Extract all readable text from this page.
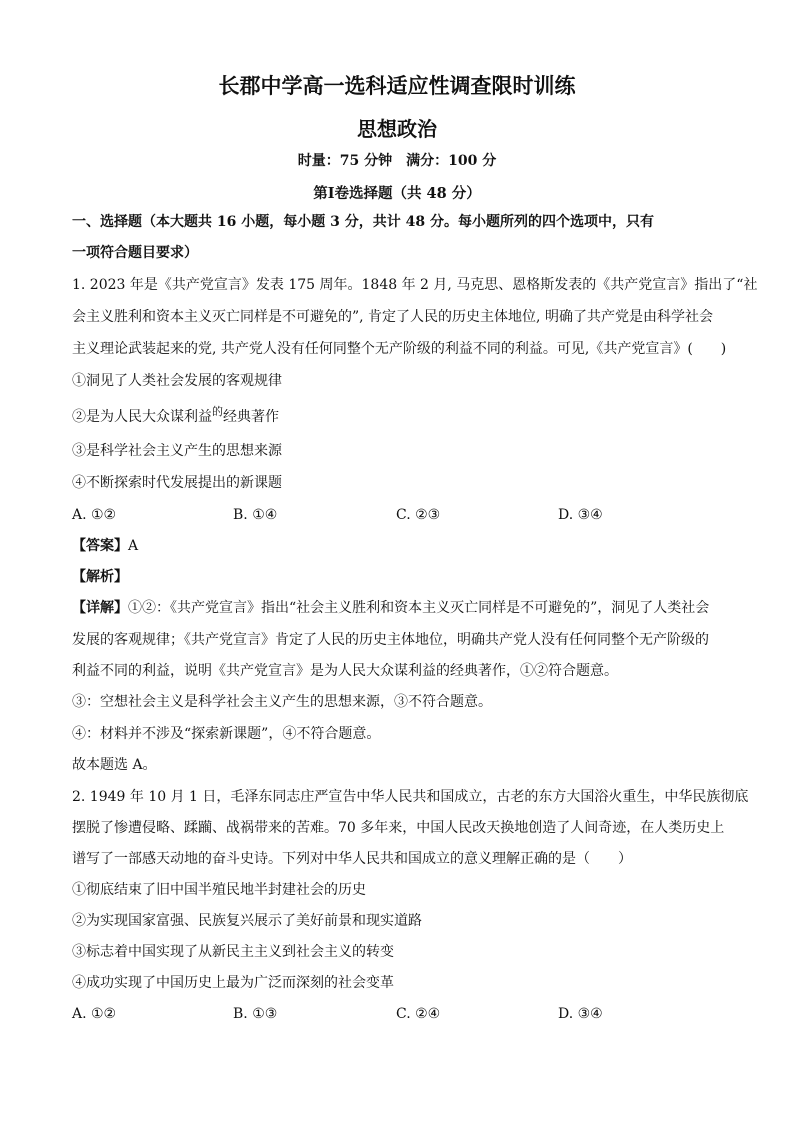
长郡中学高一选科适应性调查限时训练
思想政治
时量：75 分钟　满分：100 分
第Ⅰ卷选择题（共 48 分）
一、选择题（本大题共 16 小题，每小题 3 分，共计 48 分。每小题所列的四个选项中，只有
一项符合题目要求）
1. 2023 年是《共产党宣言》发表 175 周年。1848 年 2 月, 马克思、恩格斯发表的《共产党宣言》指出了“社
会主义胜利和资本主义灭亡同样是不可避免的”, 肯定了人民的历史主体地位, 明确了共产党是由科学社会
主义理论武装起来的党, 共产党人没有任何同整个无产阶级的利益不同的利益。可见,《共产党宣言》(　　)
①洞见了人类社会发展的客观规律
②是为人民大众谋利益$^的$经典著作
③是科学社会主义产生的思想来源
④不断探索时代发展提出的新课题
A. ①②	B. ①④	C. ②③	D. ③④
【答案】A
【解析】
【详解】①②：《共产党宣言》指出“社会主义胜利和资本主义灭亡同样是不可避免的”，洞见了人类社会
发展的客观规律；《共产党宣言》肯定了人民的历史主体地位，明确共产党人没有任何同整个无产阶级的
利益不同的利益，说明《共产党宣言》是为人民大众谋利益的经典著作，①②符合题意。
③：空想社会主义是科学社会主义产生的思想来源，③不符合题意。
④：材料并不涉及“探索新课题”，④不符合题意。
故本题选 A。
2. 1949 年 10 月 1 日，毛泽东同志庄严宣告中华人民共和国成立，古老的东方大国浴火重生，中华民族彻底
摆脱了惨遭侵略、蹂躏、战祸带来的苦难。70 多年来，中国人民改天换地创造了人间奇迹，在人类历史上
谱写了一部感天动地的奋斗史诗。下列对中华人民共和国成立的意义理解正确的是（　　）
①彻底结束了旧中国半殖民地半封建社会的历史
②为实现国家富强、民族复兴展示了美好前景和现实道路
③标志着中国实现了从新民主主义到社会主义的转变
④成功实现了中国历史上最为广泛而深刻的社会变革
A. ①②	B. ①③	C. ②④	D. ③④
